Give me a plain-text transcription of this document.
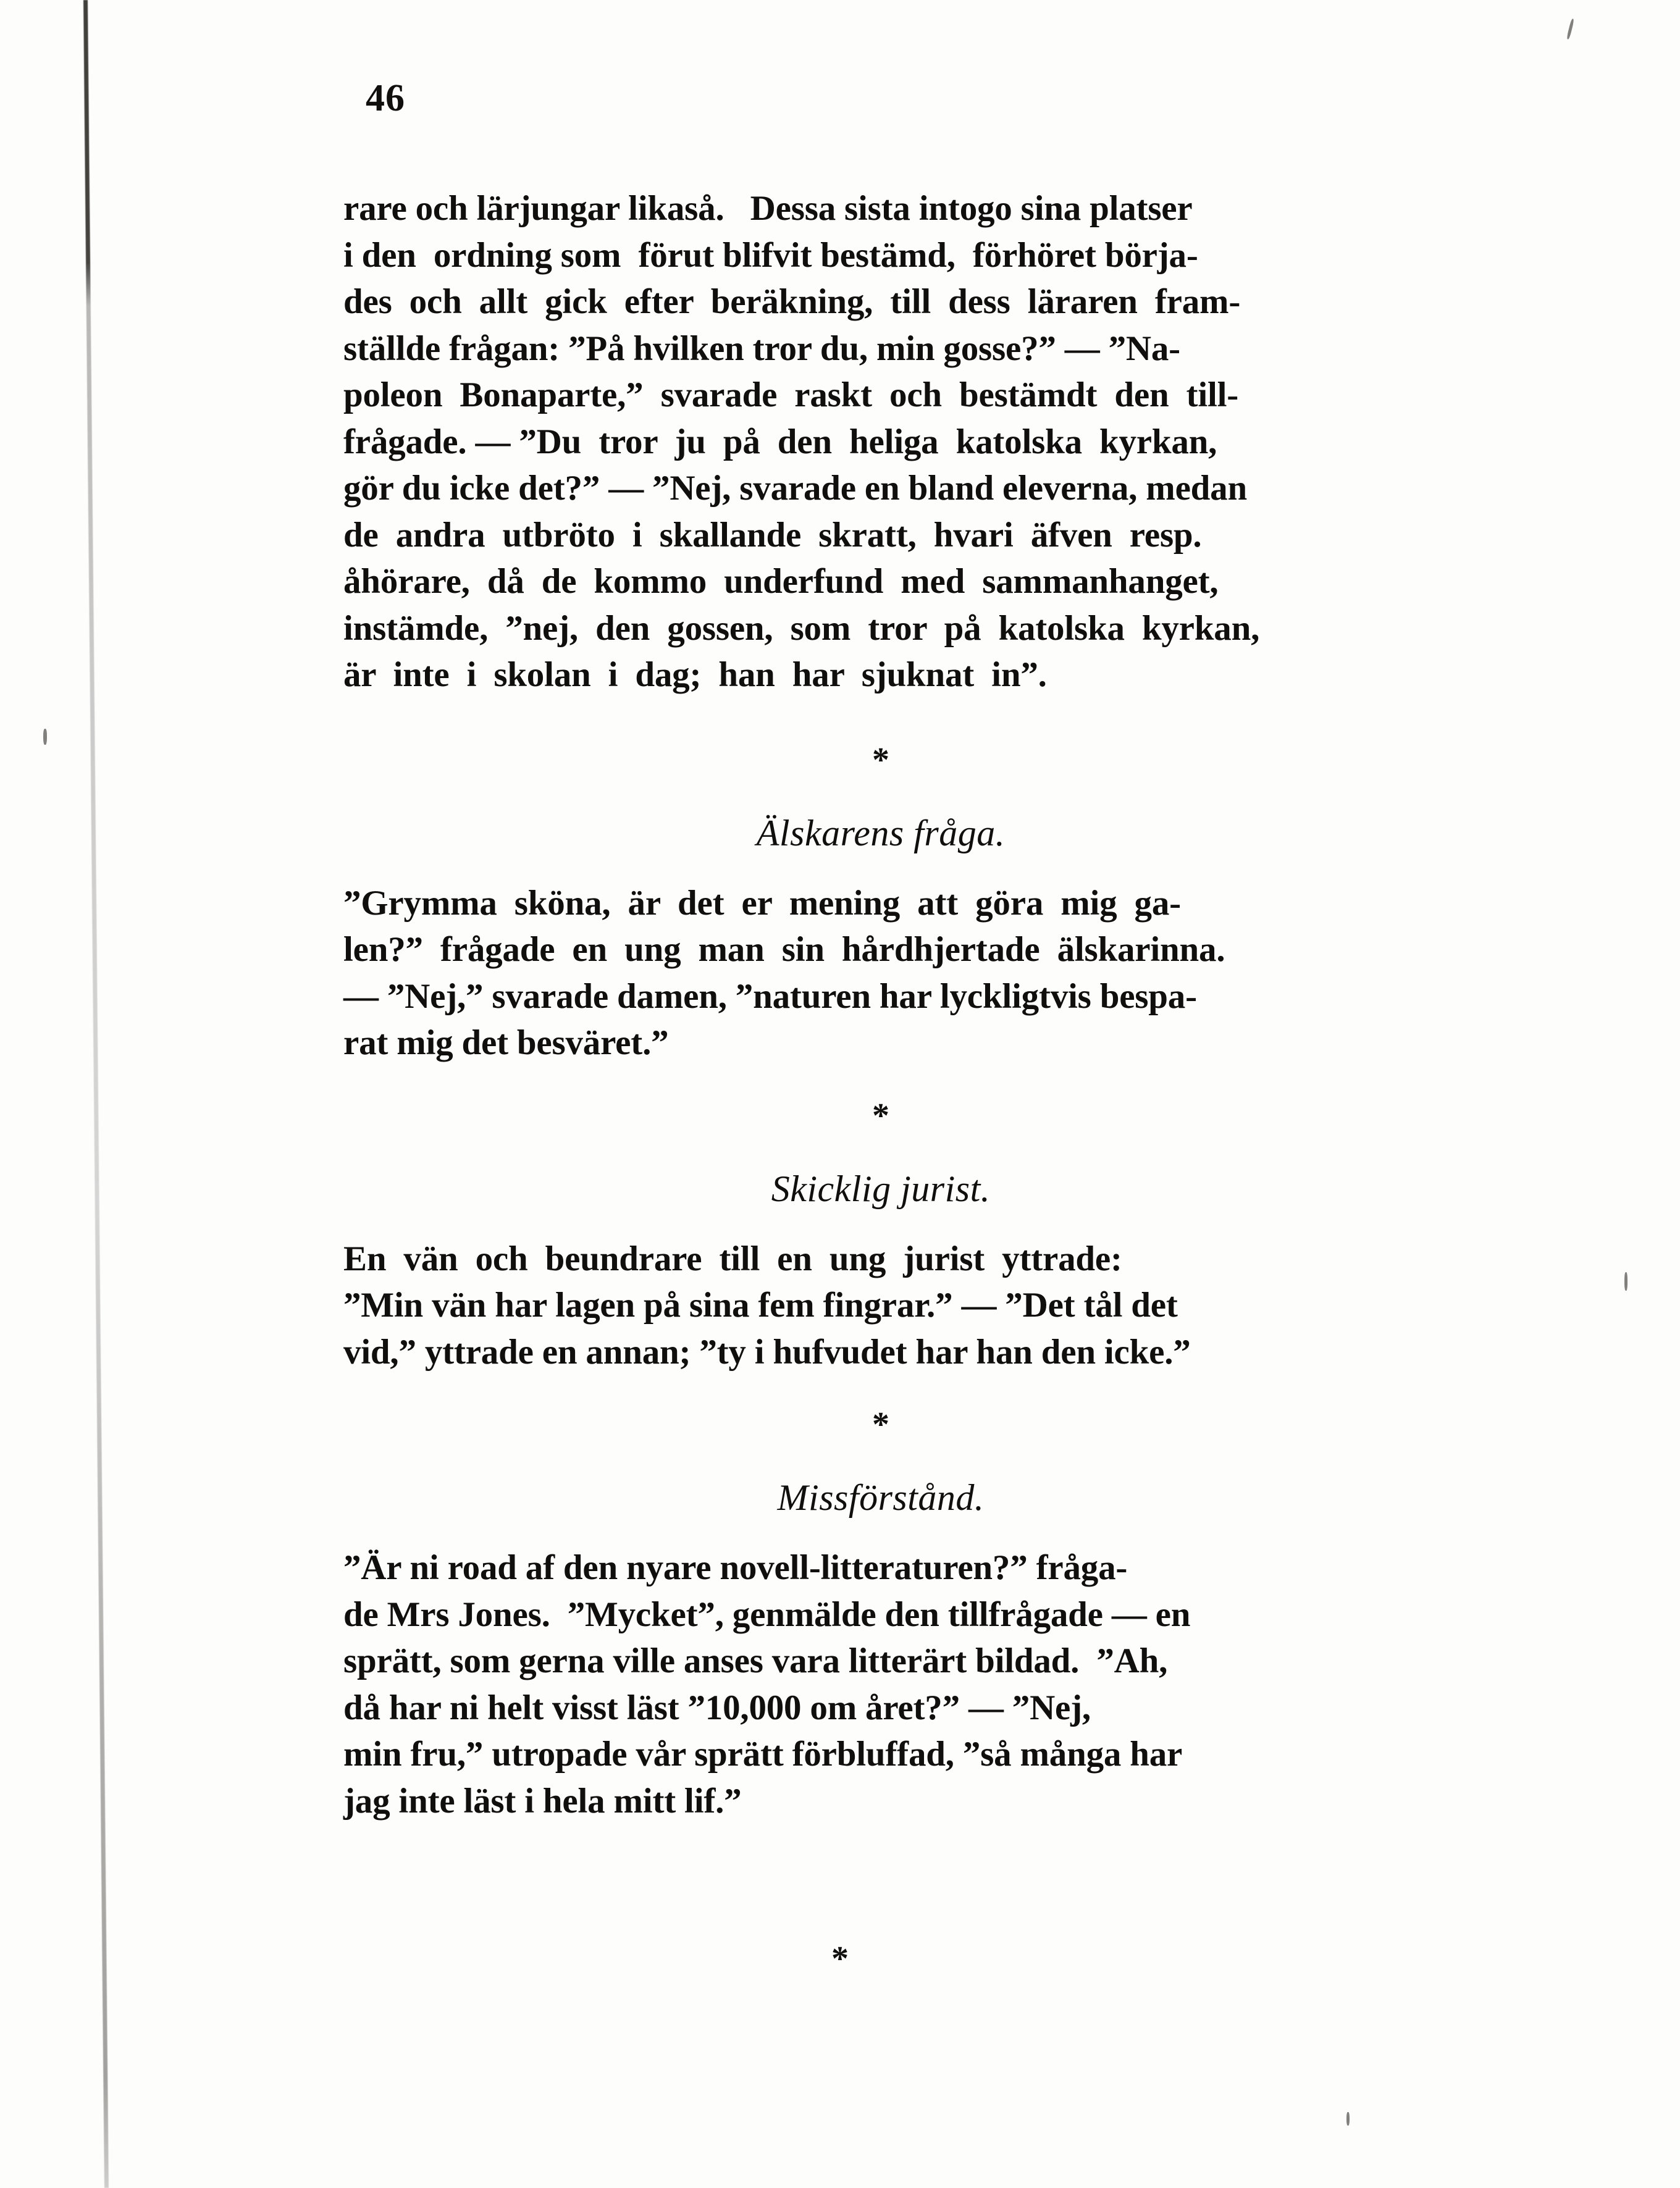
46
rare och lärjungar likaså.   Dessa sista intogo sina platser
i den  ordning som  förut blifvit bestämd,  förhöret börja-
des  och  allt  gick  efter  beräkning,  till  dess  läraren  fram-
ställde frågan: ”På hvilken tror du, min gosse?” — ”Na-
poleon  Bonaparte,”  svarade  raskt  och  bestämdt  den  till-
frågade. — ”Du  tror  ju  på  den  heliga  katolska  kyrkan,
gör du icke det?” — ”Nej, svarade en bland eleverna, medan
de  andra  utbröto  i  skallande  skratt,  hvari  äfven  resp.
åhörare,  då  de  kommo  underfund  med  sammanhanget,
instämde,  ”nej,  den  gossen,  som  tror  på  katolska  kyrkan,
är  inte  i  skolan  i  dag;  han  har  sjuknat  in”.
*
Älskarens fråga.
”Grymma  sköna,  är  det  er  mening  att  göra  mig  ga-
len?”  frågade  en  ung  man  sin  hårdhjertade  älskarinna.
— ”Nej,” svarade damen, ”naturen har lyckligtvis bespa-
rat mig det besväret.”
*
Skicklig jurist.
En  vän  och  beundrare  till  en  ung  jurist  yttrade:
”Min vän har lagen på sina fem fingrar.” — ”Det tål det
vid,” yttrade en annan; ”ty i hufvudet har han den icke.”
*
Missförstånd.
”Är ni road af den nyare novell-litteraturen?” fråga-
de Mrs Jones.  ”Mycket”, genmälde den tillfrågade — en
sprätt, som gerna ville anses vara litterärt bildad.  ”Ah,
då har ni helt visst läst ”10,000 om året?” — ”Nej,
min fru,” utropade vår sprätt förbluffad, ”så många har
jag inte läst i hela mitt lif.”
*
